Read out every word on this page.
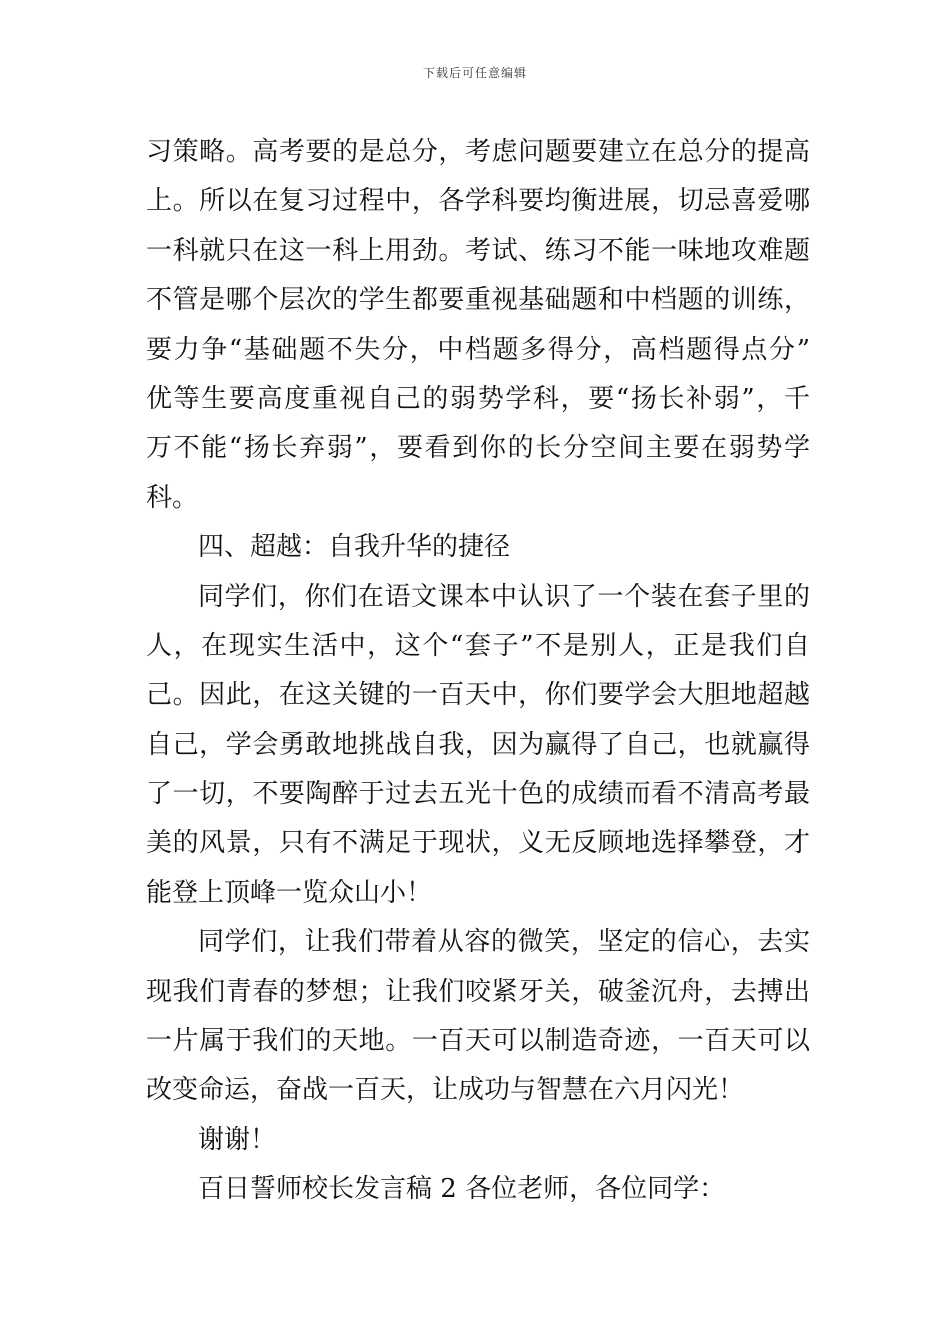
下载后可任意编辑
习策略。高考要的是总分，考虑问题要建立在总分的提高
上。所以在复习过程中，各学科要均衡进展，切忌喜爱哪
一科就只在这一科上用劲。考试、练习不能一味地攻难题
不管是哪个层次的学生都要重视基础题和中档题的训练，
要力争“基础题不失分，中档题多得分，高档题得点分”
优等生要高度重视自己的弱势学科，要“扬长补弱”，千
万不能“扬长弃弱”，要看到你的长分空间主要在弱势学
科。
四、超越：自我升华的捷径
同学们，你们在语文课本中认识了一个装在套子里的
人，在现实生活中，这个“套子”不是别人，正是我们自
己。因此，在这关键的一百天中，你们要学会大胆地超越
自己，学会勇敢地挑战自我，因为赢得了自己，也就赢得
了一切，不要陶醉于过去五光十色的成绩而看不清高考最
美的风景，只有不满足于现状，义无反顾地选择攀登，才
能登上顶峰一览众山小！
同学们，让我们带着从容的微笑，坚定的信心，去实
现我们青春的梦想；让我们咬紧牙关，破釜沉舟，去搏出
一片属于我们的天地。一百天可以制造奇迹，一百天可以
改变命运，奋战一百天，让成功与智慧在六月闪光！
谢谢！
百日誓师校长发言稿 2 各位老师，各位同学：
